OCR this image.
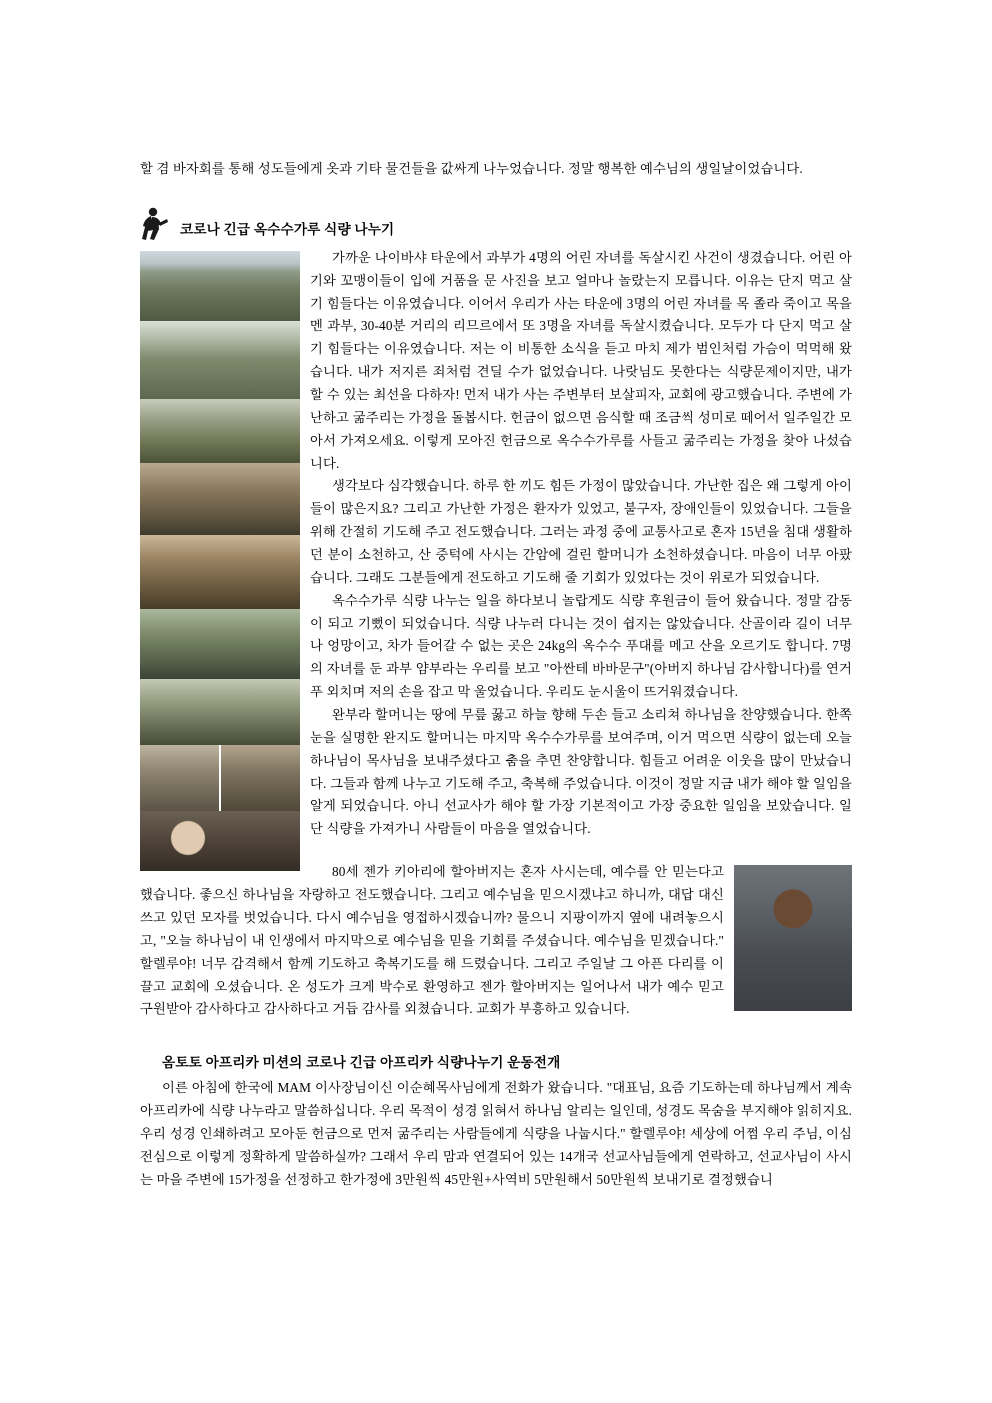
할 겸 바자회를 통해 성도들에게 옷과 기타 물건들을 값싸게 나누었습니다. 정말 행복한 예수님의 생일날이었습니다.

코로나 긴급 옥수수가루 식량 나누기

가까운 나이바샤 타운에서 과부가 4명의 어린 자녀를 독살시킨 사건이 생겼습니다. 어린 아기와 꼬맹이들이 입에 거품을 문 사진을 보고 얼마나 놀랐는지 모릅니다. 이유는 단지 먹고 살기 힘들다는 이유였습니다. 이어서 우리가 사는 타운에 3명의 어린 자녀를 목 졸라 죽이고 목을 멘 과부, 30-40분 거리의 리므르에서 또 3명을 자녀를 독살시켰습니다. 모두가 다 단지 먹고 살기 힘들다는 이유였습니다. 저는 이 비통한 소식을 듣고 마치 제가 범인처럼 가슴이 먹먹해 왔습니다. 내가 저지른 죄처럼 견딜 수가 없었습니다. 나랏님도 못한다는 식량문제이지만, 내가 할 수 있는 최선을 다하자! 먼저 내가 사는 주변부터 보살피자, 교회에 광고했습니다. 주변에 가난하고 굶주리는 가정을 돌봅시다. 헌금이 없으면 음식할 때 조금씩 성미로 떼어서 일주일간 모아서 가져오세요. 이렇게 모아진 헌금으로 옥수수가루를 사들고 굶주리는 가정을 찾아 나섰습니다.

생각보다 심각했습니다. 하루 한 끼도 힘든 가정이 많았습니다. 가난한 집은 왜 그렇게 아이들이 많은지요? 그리고 가난한 가정은 환자가 있었고, 불구자, 장애인들이 있었습니다. 그들을 위해 간절히 기도해 주고 전도했습니다. 그러는 과정 중에 교통사고로 혼자 15년을 침대 생활하던 분이 소천하고, 산 중턱에 사시는 간암에 걸린 할머니가 소천하셨습니다. 마음이 너무 아팠습니다. 그래도 그분들에게 전도하고 기도해 줄 기회가 있었다는 것이 위로가 되었습니다.

옥수수가루 식량 나누는 일을 하다보니 놀랍게도 식량 후원금이 들어 왔습니다. 정말 감동이 되고 기뻤이 되었습니다. 식량 나누러 다니는 것이 쉽지는 않았습니다. 산골이라 길이 너무나 엉망이고, 차가 들어갈 수 없는 곳은 24kg의 옥수수 푸대를 메고 산을 오르기도 합니다. 7명의 자녀를 둔 과부 얌부라는 우리를 보고 "아싼테 바바문구"(아버지 하나님 감사합니다)를 연거푸 외치며 저의 손을 잡고 막 울었습니다. 우리도 눈시울이 뜨거워졌습니다.

완부라 할머니는 땅에 무릎 꿇고 하늘 향해 두손 들고 소리쳐 하나님을 찬양했습니다. 한쪽 눈을 실명한 완지도 할머니는 마지막 옥수수가루를 보여주며, 이거 먹으면 식량이 없는데 오늘 하나님이 목사님을 보내주셨다고 춤을 추면 찬양합니다. 힘들고 어려운 이웃을 많이 만났습니다. 그들과 함께 나누고 기도해 주고, 축복해 주었습니다. 이것이 정말 지금 내가 해야 할 일임을 알게 되었습니다. 아니 선교사가 해야 할 가장 기본적이고 가장 중요한 일임을 보았습니다. 일단 식량을 가져가니 사람들이 마음을 열었습니다.

80세 젠가 키아리에 할아버지는 혼자 사시는데, 예수를 안 믿는다고 했습니다. 좋으신 하나님을 자랑하고 전도했습니다. 그리고 예수님을 믿으시겠냐고 하니까, 대답 대신 쓰고 있던 모자를 벗었습니다. 다시 예수님을 영접하시겠습니까? 물으니 지팡이까지 옆에 내려놓으시고, "오늘 하나님이 내 인생에서 마지막으로 예수님을 믿을 기회를 주셨습니다. 예수님을 믿겠습니다." 할렐루야! 너무 감격해서 함께 기도하고 축복기도를 해 드렸습니다. 그리고 주일날 그 아픈 다리를 이끌고 교회에 오셨습니다. 온 성도가 크게 박수로 환영하고 젠가 할아버지는 일어나서 내가 예수 믿고 구원받아 감사하다고 감사하다고 거듭 감사를 외쳤습니다. 교회가 부흥하고 있습니다.

옴토토 아프리카 미션의 코로나 긴급 아프리카 식량나누기 운동전개

이른 아침에 한국에 MAM 이사장님이신 이순혜목사님에게 전화가 왔습니다. "대표님, 요즘 기도하는데 하나님께서 계속 아프리카에 식량 나누라고 말씀하십니다. 우리 목적이 성경 읽혀서 하나님 알리는 일인데, 성경도 목숨을 부지해야 읽히지요. 우리 성경 인쇄하려고 모아둔 헌금으로 먼저 굶주리는 사람들에게 식량을 나눕시다." 할렐루야! 세상에 어쩜 우리 주님, 이심전심으로 이렇게 정확하게 말씀하실까? 그래서 우리 맘과 연결되어 있는 14개국 선교사님들에게 연락하고, 선교사님이 사시는 마을 주변에 15가정을 선정하고 한가정에 3만원씩 45만원+사역비 5만원해서 50만원씩 보내기로 결정했습니
